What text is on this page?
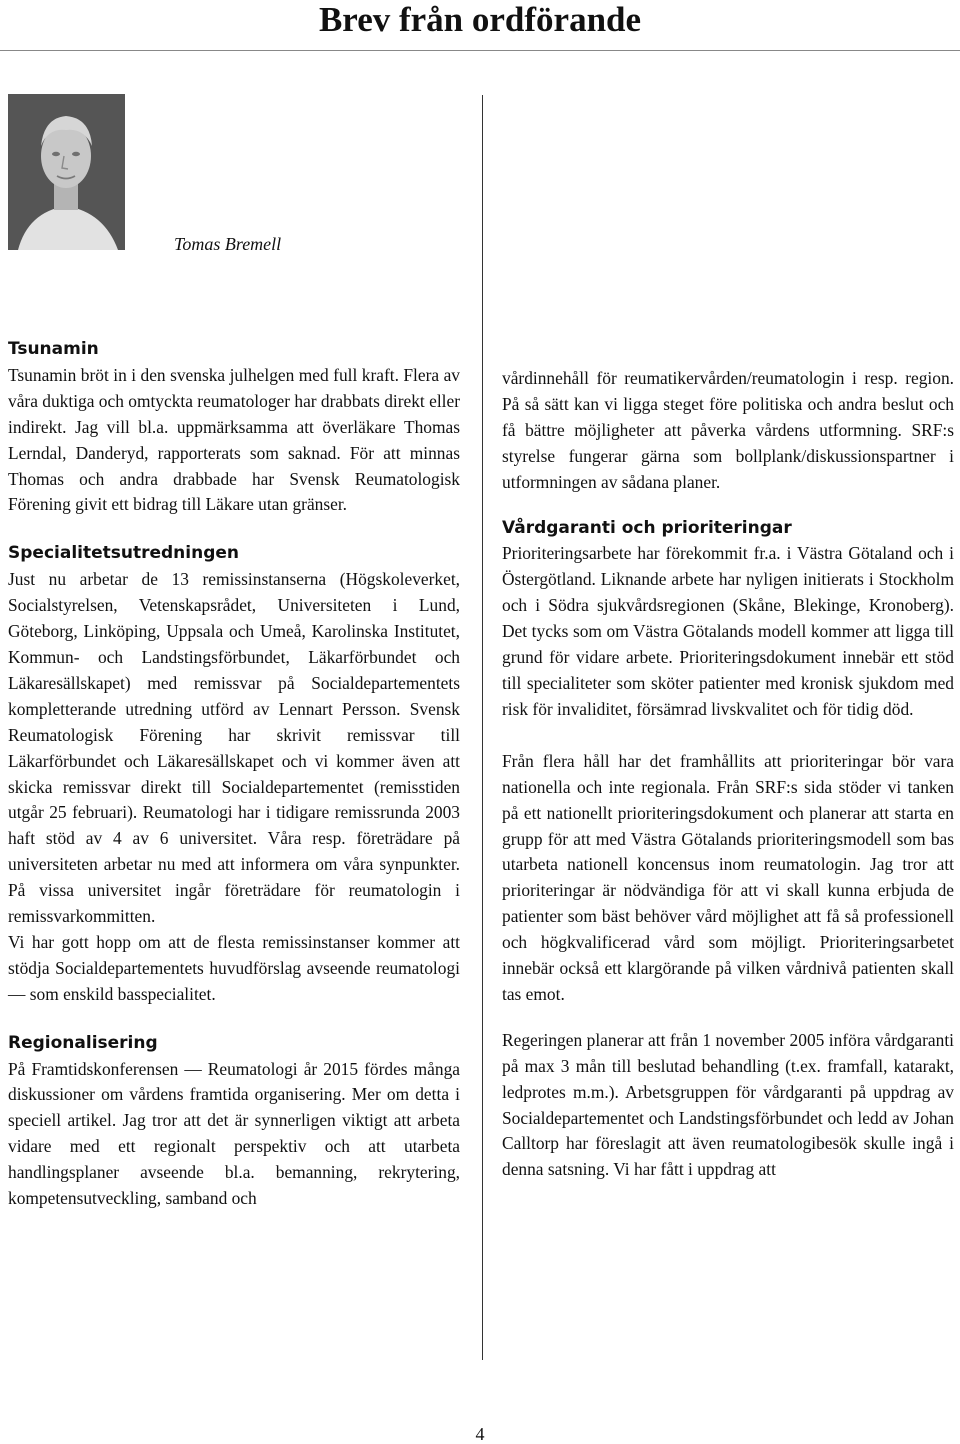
Brev från ordförande
Tomas Bremell
Tsunamin

Tsunamin bröt in i den svenska julhelgen med full kraft. Flera av våra duktiga och omtyckta reumatologer har drabbats direkt eller indirekt. Jag vill bl.a. uppmärksamma att överläkare Thomas Lerndal, Danderyd, rapporterats som saknad. För att minnas Thomas och andra drabbade har Svensk Reumatologisk Förening givit ett bidrag till Läkare utan gränser.

Specialitetsutredningen

Just nu arbetar de 13 remissinstanserna (Högskoleverket, Socialstyrelsen, Vetenskapsrådet, Universiteten i Lund, Göteborg, Linköping, Uppsala och Umeå, Karolinska Institutet, Kommun- och Landstingsförbundet, Läkarförbundet och Läkaresällskapet) med remissvar på Socialdepartementets kompletterande utredning utförd av Lennart Persson. Svensk Reumatologisk Förening har skrivit remissvar till Läkarförbundet och Läkaresällskapet och vi kommer även att skicka remissvar direkt till Socialdepartementet (remisstiden utgår 25 februari). Reumatologi har i tidigare remissrunda 2003 haft stöd av 4 av 6 universitet. Våra resp. företrädare på universiteten arbetar nu med att informera om våra synpunkter. På vissa universitet ingår företrädare för reumatologin i remissvarkommitten.

Vi har gott hopp om att de flesta remissinstanser kommer att stödja Socialdepartementets huvudförslag avseende reumatologi — som enskild basspecialitet.

Regionalisering

På Framtidskonferensen — Reumatologi år 2015 fördes många diskussioner om vårdens framtida organisering. Mer om detta i speciell artikel. Jag tror att det är synnerligen viktigt att arbeta vidare med ett regionalt perspektiv och att utarbeta handlingsplaner avseende bl.a. bemanning, rekrytering, kompetensutveckling, samband och

vårdinnehåll för reumatikervården/reumatologin i resp. region. På så sätt kan vi ligga steget före politiska och andra beslut och få bättre möjligheter att påverka vårdens utformning. SRF:s styrelse fungerar gärna som bollplank/diskussionspartner i utformningen av sådana planer.

Vårdgaranti och prioriteringar

Prioriteringsarbete har förekommit fr.a. i Västra Götaland och i Östergötland. Liknande arbete har nyligen initierats i Stockholm och i Södra sjukvårdsregionen (Skåne, Blekinge, Kronoberg). Det tycks som om Västra Götalands modell kommer att ligga till grund för vidare arbete. Prioriteringsdokument innebär ett stöd till specialiteter som sköter patienter med kronisk sjukdom med risk för invaliditet, försämrad livskvalitet och för tidig död.

Från flera håll har det framhållits att prioriteringar bör vara nationella och inte regionala. Från SRF:s sida stöder vi tanken på ett nationellt prioriteringsdokument och planerar att starta en grupp för att med Västra Götalands prioriteringsmodell som bas utarbeta nationell koncensus inom reumatologin. Jag tror att prioriteringar är nödvändiga för att vi skall kunna erbjuda de patienter som bäst behöver vård möjlighet att få så professionell och högkvalificerad vård som möjligt. Prioriteringsarbetet innebär också ett klargörande på vilken vårdnivå patienten skall tas emot.

Regeringen planerar att från 1 november 2005 införa vårdgaranti på max 3 mån till beslutad behandling (t.ex. framfall, katarakt, ledprotes m.m.). Arbetsgruppen för vårdgaranti på uppdrag av Socialdepartementet och Landstingsförbundet och ledd av Johan Calltorp har föreslagit att även reumatologibesök skulle ingå i denna satsning. Vi har fått i uppdrag att

4
